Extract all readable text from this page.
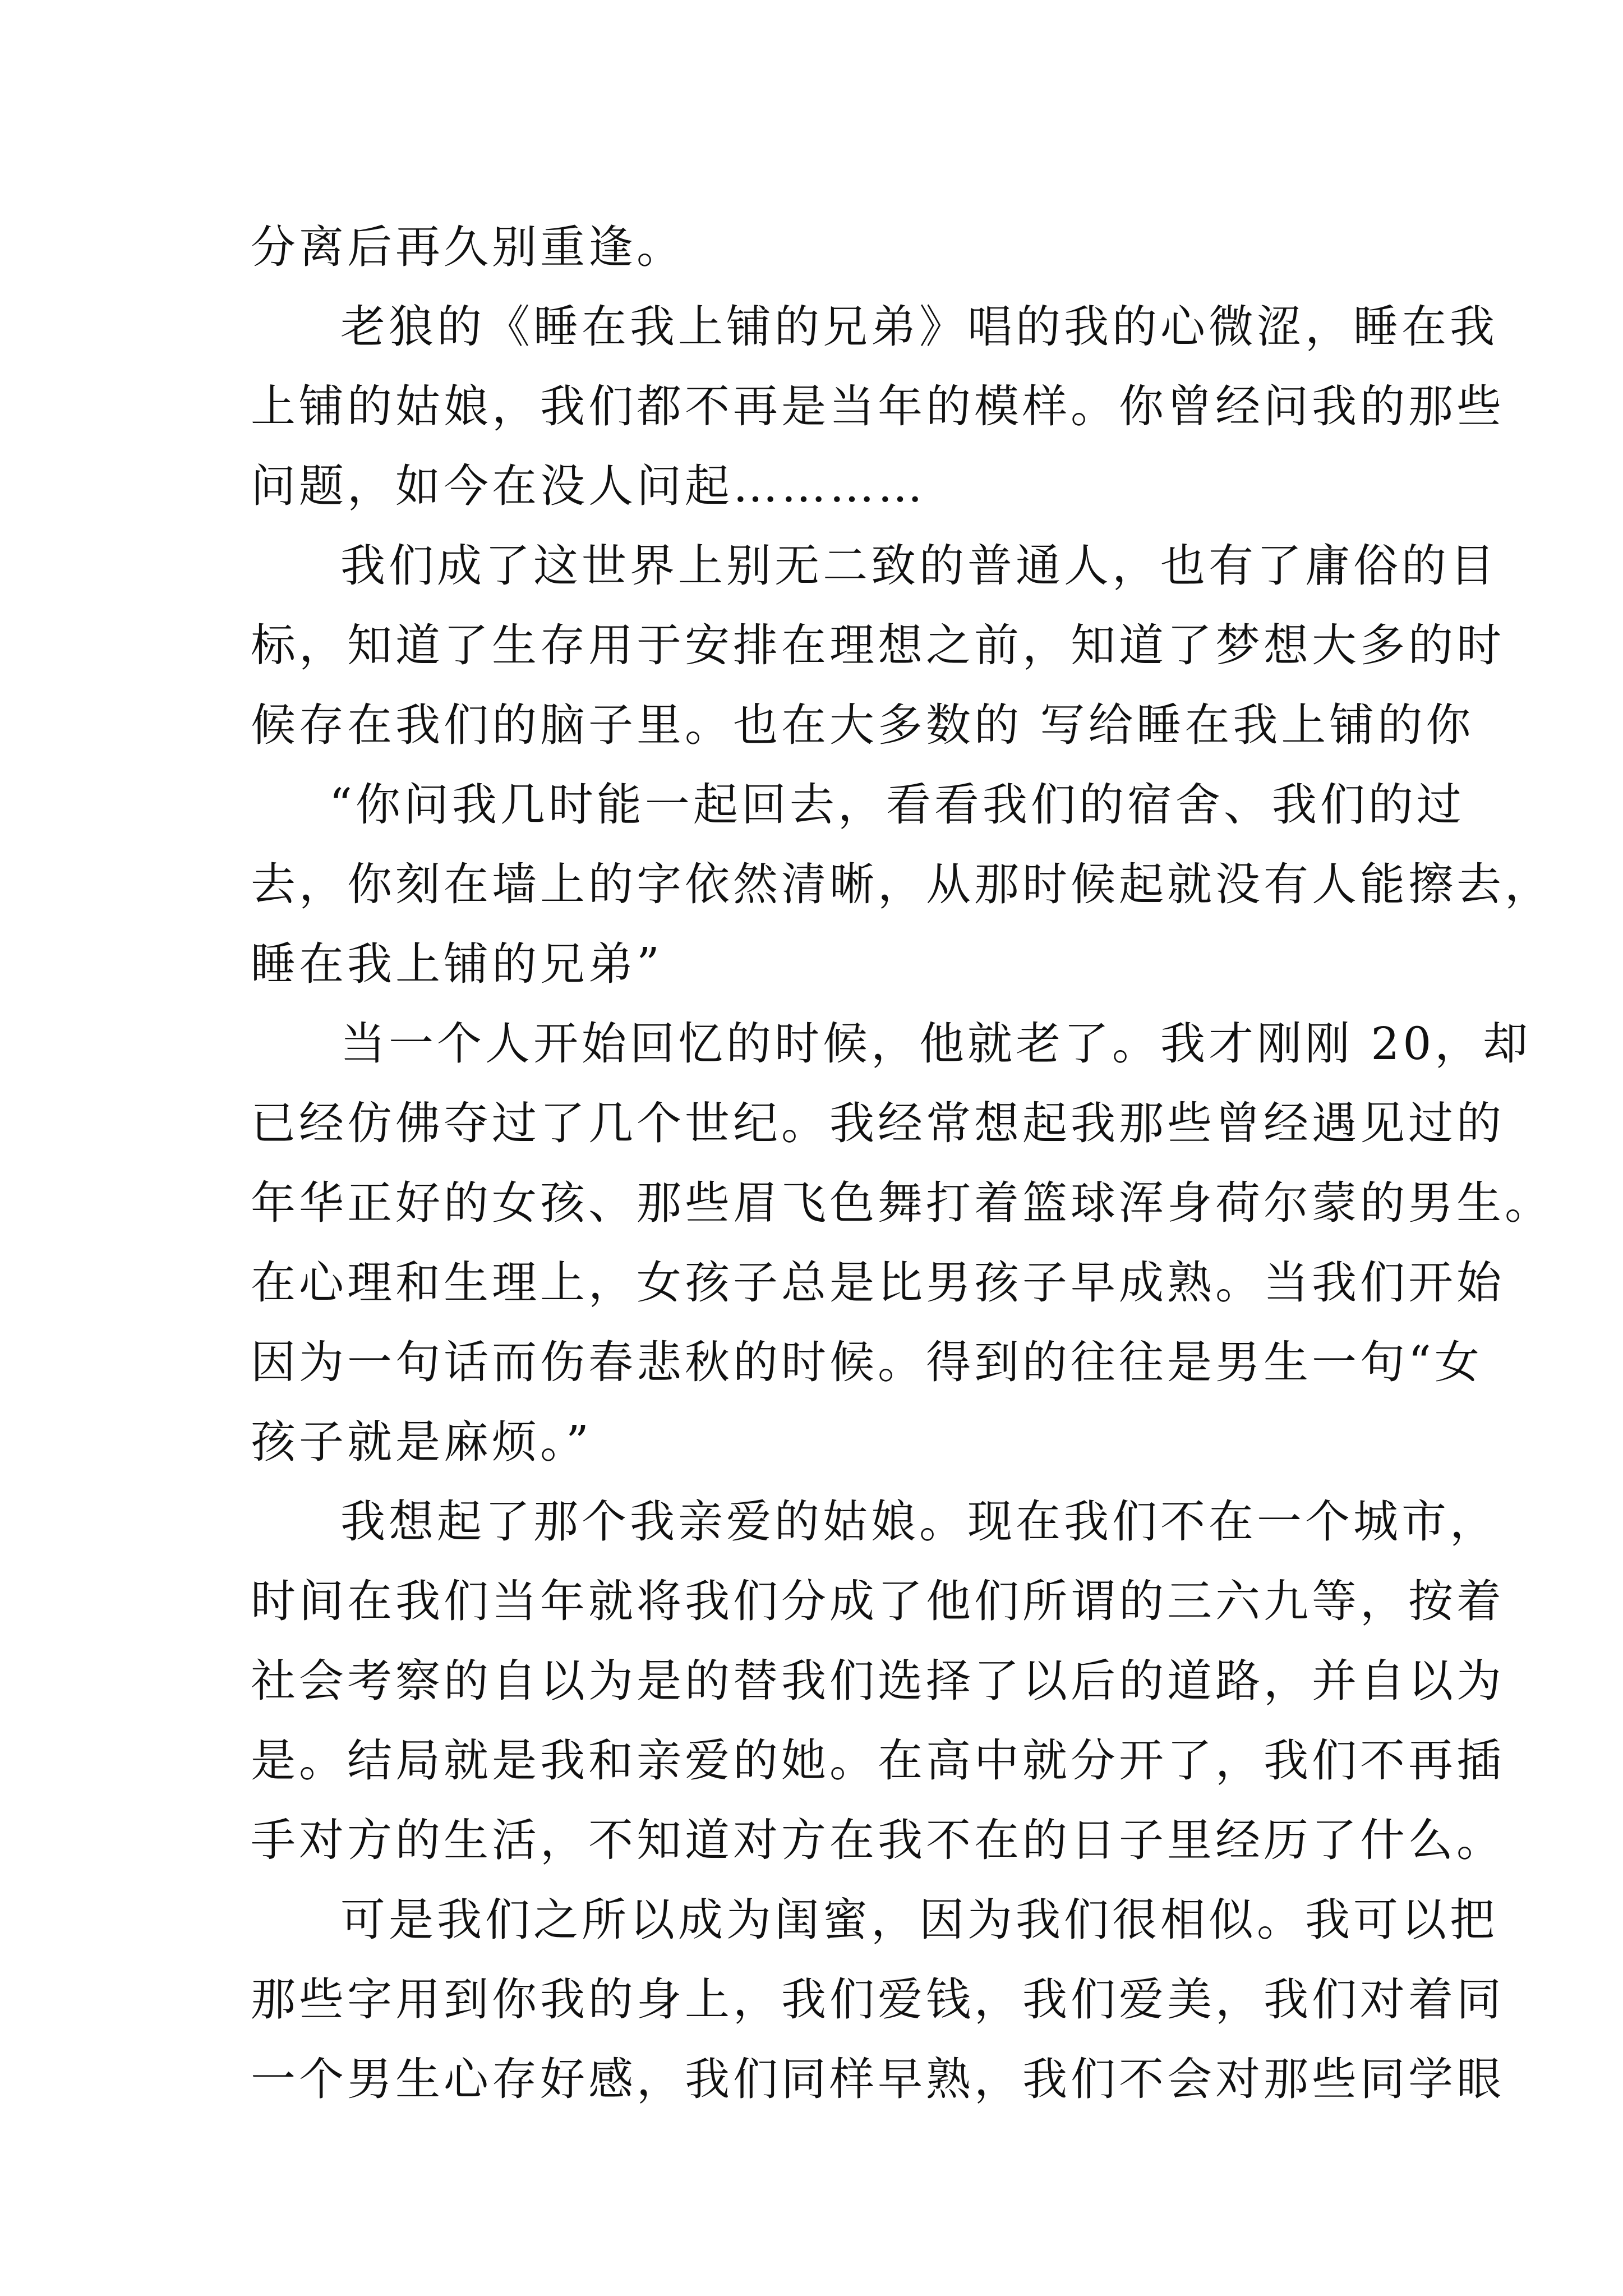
分离后再久别重逢。
老狼的《睡在我上铺的兄弟》唱的我的心微涩，睡在我
上铺的姑娘，我们都不再是当年的模样。你曾经问我的那些
问题，如今在没人问起…………
我们成了这世界上别无二致的普通人，也有了庸俗的目
标，知道了生存用于安排在理想之前，知道了梦想大多的时
候存在我们的脑子里。也在大多数的 写给睡在我上铺的你
“你问我几时能一起回去，看看我们的宿舍、我们的过
去，你刻在墙上的字依然清晰，从那时候起就没有人能擦去，
睡在我上铺的兄弟”
当一个人开始回忆的时候，他就老了。我才刚刚 20，却
已经仿佛夺过了几个世纪。我经常想起我那些曾经遇见过的
年华正好的女孩、那些眉飞色舞打着篮球浑身荷尔蒙的男生。
在心理和生理上，女孩子总是比男孩子早成熟。当我们开始
因为一句话而伤春悲秋的时候。得到的往往是男生一句“女
孩子就是麻烦。”
我想起了那个我亲爱的姑娘。现在我们不在一个城市，
时间在我们当年就将我们分成了他们所谓的三六九等，按着
社会考察的自以为是的替我们选择了以后的道路，并自以为
是。结局就是我和亲爱的她。在高中就分开了，我们不再插
手对方的生活，不知道对方在我不在的日子里经历了什么。
可是我们之所以成为闺蜜，因为我们很相似。我可以把
那些字用到你我的身上，我们爱钱，我们爱美，我们对着同
一个男生心存好感，我们同样早熟，我们不会对那些同学眼
